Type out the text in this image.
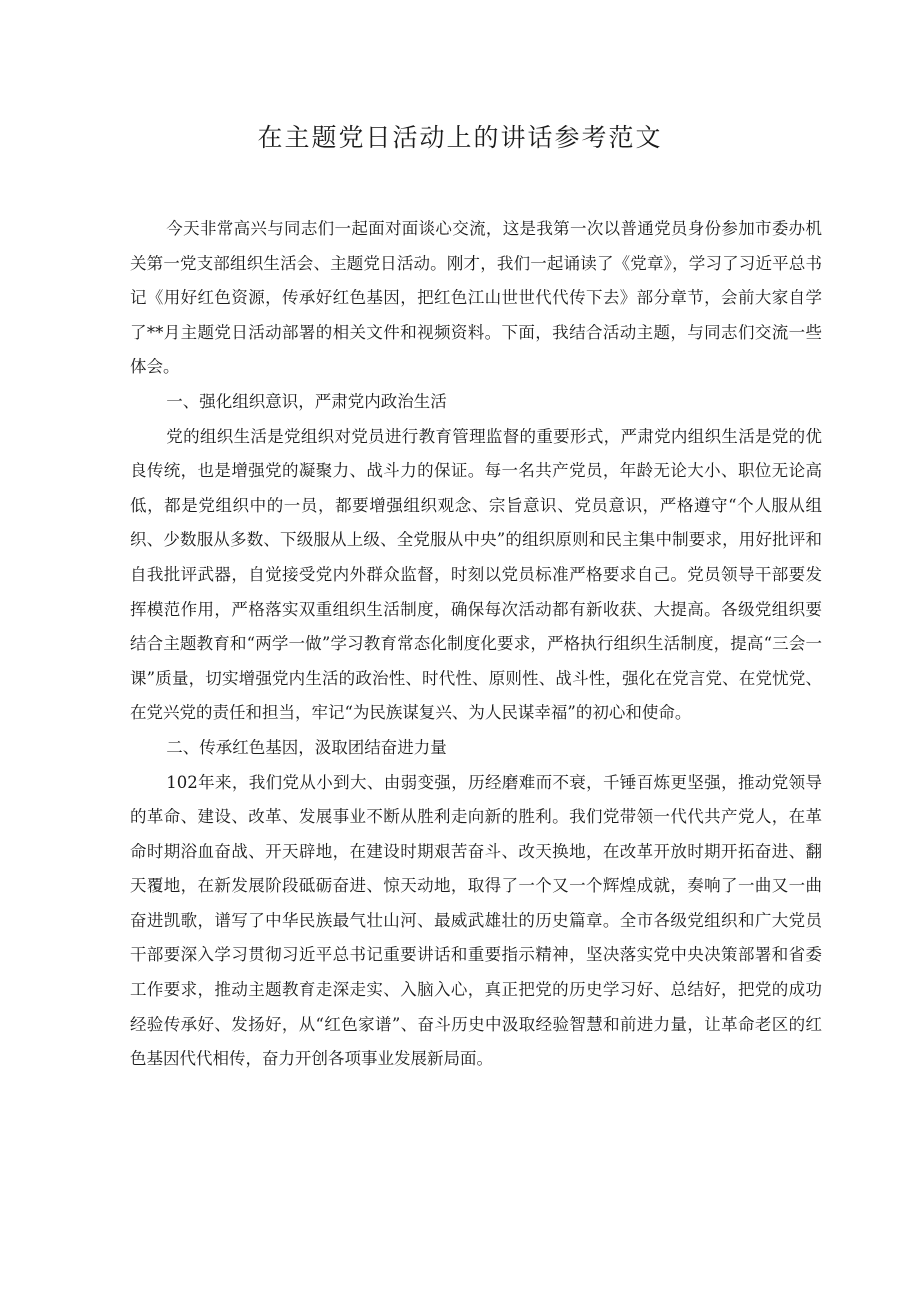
在主题党日活动上的讲话参考范文

今天非常高兴与同志们一起面对面谈心交流，这是我第一次以普通党员身份参加市委办机关第一党支部组织生活会、主题党日活动。刚才，我们一起诵读了《党章》，学习了习近平总书记《用好红色资源，传承好红色基因，把红色江山世世代代传下去》部分章节，会前大家自学了**月主题党日活动部署的相关文件和视频资料。下面，我结合活动主题，与同志们交流一些体会。

一、强化组织意识，严肃党内政治生活

党的组织生活是党组织对党员进行教育管理监督的重要形式，严肃党内组织生活是党的优良传统，也是增强党的凝聚力、战斗力的保证。每一名共产党员，年龄无论大小、职位无论高低，都是党组织中的一员，都要增强组织观念、宗旨意识、党员意识，严格遵守“个人服从组织、少数服从多数、下级服从上级、全党服从中央”的组织原则和民主集中制要求，用好批评和自我批评武器，自觉接受党内外群众监督，时刻以党员标准严格要求自己。党员领导干部要发挥模范作用，严格落实双重组织生活制度，确保每次活动都有新收获、大提高。各级党组织要结合主题教育和“两学一做”学习教育常态化制度化要求，严格执行组织生活制度，提高“三会一课”质量，切实增强党内生活的政治性、时代性、原则性、战斗性，强化在党言党、在党忧党、在党兴党的责任和担当，牢记“为民族谋复兴、为人民谋幸福”的初心和使命。

二、传承红色基因，汲取团结奋进力量

102年来，我们党从小到大、由弱变强，历经磨难而不衰，千锤百炼更坚强，推动党领导的革命、建设、改革、发展事业不断从胜利走向新的胜利。我们党带领一代代共产党人，在革命时期浴血奋战、开天辟地，在建设时期艰苦奋斗、改天换地，在改革开放时期开拓奋进、翻天覆地，在新发展阶段砥砺奋进、惊天动地，取得了一个又一个辉煌成就，奏响了一曲又一曲奋进凯歌，谱写了中华民族最气壮山河、最威武雄壮的历史篇章。全市各级党组织和广大党员干部要深入学习贯彻习近平总书记重要讲话和重要指示精神，坚决落实党中央决策部署和省委工作要求，推动主题教育走深走实、入脑入心，真正把党的历史学习好、总结好，把党的成功经验传承好、发扬好，从“红色家谱”、奋斗历史中汲取经验智慧和前进力量，让革命老区的红色基因代代相传，奋力开创各项事业发展新局面。
